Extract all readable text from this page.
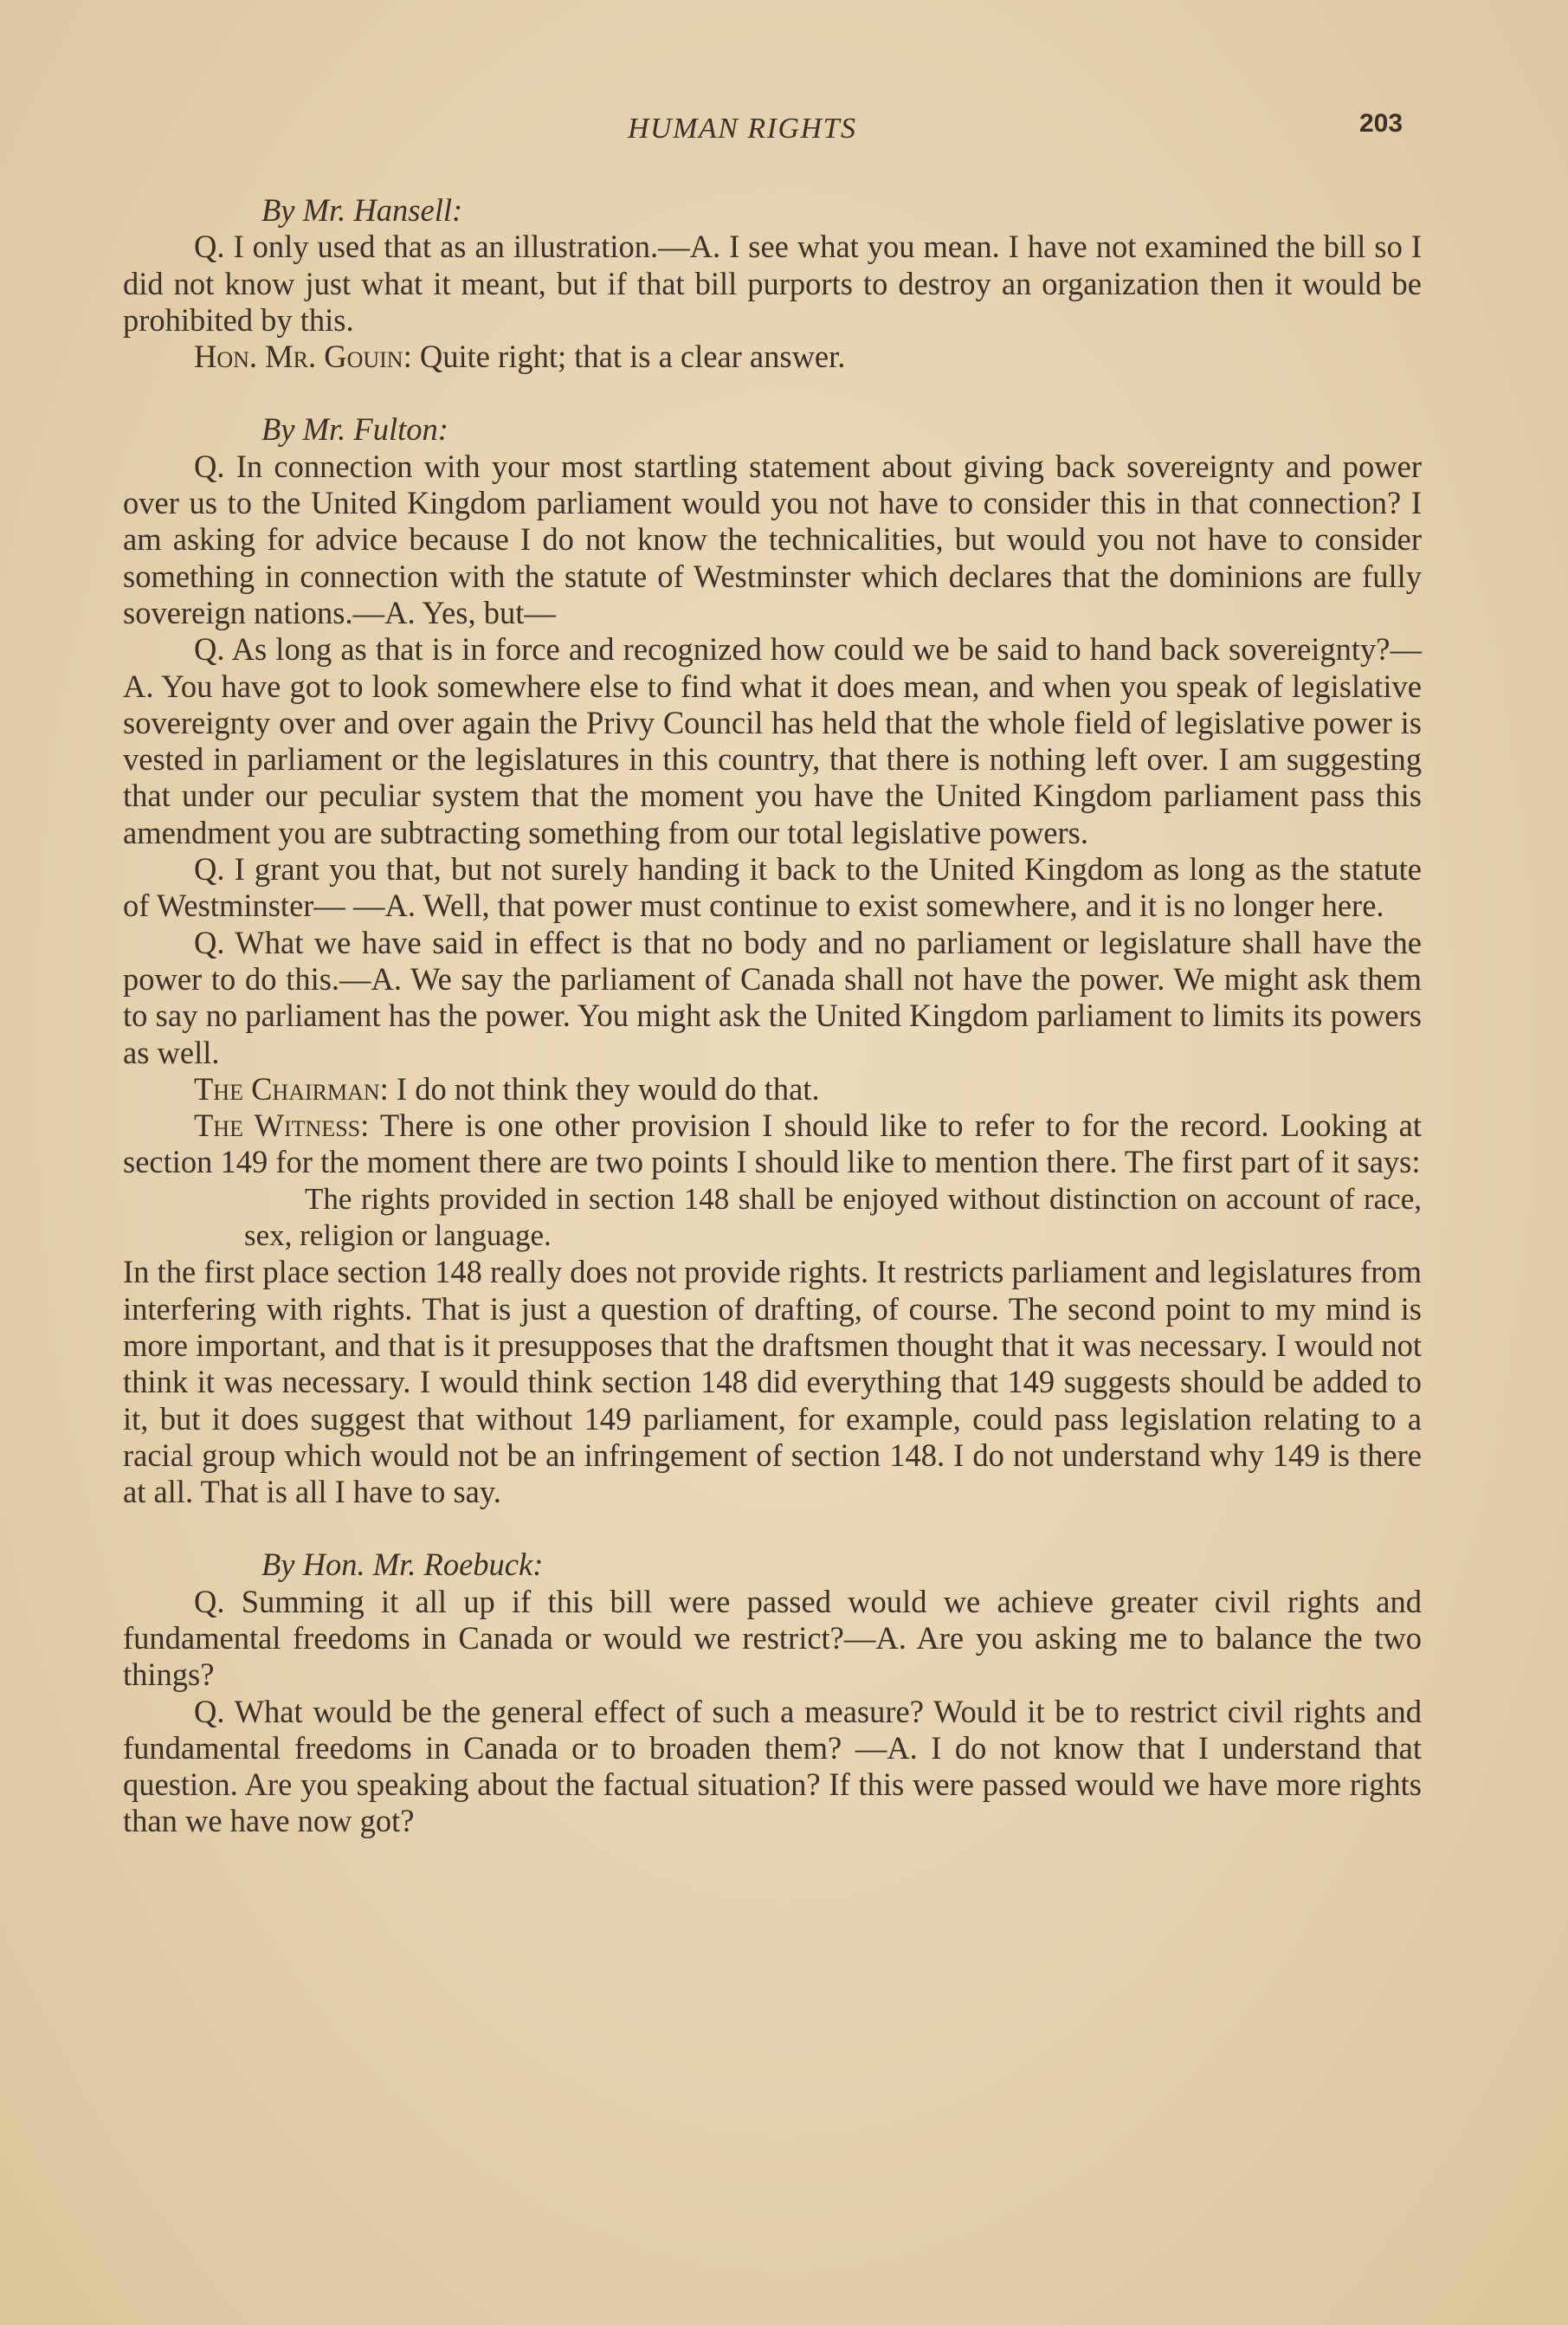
HUMAN RIGHTS	203

By Mr. Hansell:

Q. I only used that as an illustration.—A. I see what you mean. I have not examined the bill so I did not know just what it meant, but if that bill purports to destroy an organization then it would be prohibited by this.

Hon. Mr. Gouin: Quite right; that is a clear answer.

By Mr. Fulton:

Q. In connection with your most startling statement about giving back sovereignty and power over us to the United Kingdom parliament would you not have to consider this in that connection? I am asking for advice because I do not know the technicalities, but would you not have to consider something in connection with the statute of Westminster which declares that the dominions are fully sovereign nations.—A. Yes, but—

Q. As long as that is in force and recognized how could we be said to hand back sovereignty?—A. You have got to look somewhere else to find what it does mean, and when you speak of legislative sovereignty over and over again the Privy Council has held that the whole field of legislative power is vested in parliament or the legislatures in this country, that there is nothing left over. I am suggesting that under our peculiar system that the moment you have the United Kingdom parliament pass this amendment you are subtracting something from our total legislative powers.

Q. I grant you that, but not surely handing it back to the United Kingdom as long as the statute of Westminster— —A. Well, that power must continue to exist somewhere, and it is no longer here.

Q. What we have said in effect is that no body and no parliament or legislature shall have the power to do this.—A. We say the parliament of Canada shall not have the power. We might ask them to say no parliament has the power. You might ask the United Kingdom parliament to limits its powers as well.

The Chairman: I do not think they would do that.

The Witness: There is one other provision I should like to refer to for the record. Looking at section 149 for the moment there are two points I should like to mention there. The first part of it says:

The rights provided in section 148 shall be enjoyed without distinction on account of race, sex, religion or language.

In the first place section 148 really does not provide rights. It restricts parliament and legislatures from interfering with rights. That is just a question of drafting, of course. The second point to my mind is more important, and that is it presupposes that the draftsmen thought that it was necessary. I would not think it was necessary. I would think section 148 did everything that 149 suggests should be added to it, but it does suggest that without 149 parliament, for example, could pass legislation relating to a racial group which would not be an infringement of section 148. I do not understand why 149 is there at all. That is all I have to say.

By Hon. Mr. Roebuck:

Q. Summing it all up if this bill were passed would we achieve greater civil rights and fundamental freedoms in Canada or would we restrict?—A. Are you asking me to balance the two things?

Q. What would be the general effect of such a measure? Would it be to restrict civil rights and fundamental freedoms in Canada or to broaden them? —A. I do not know that I understand that question. Are you speaking about the factual situation? If this were passed would we have more rights than we have now got?
